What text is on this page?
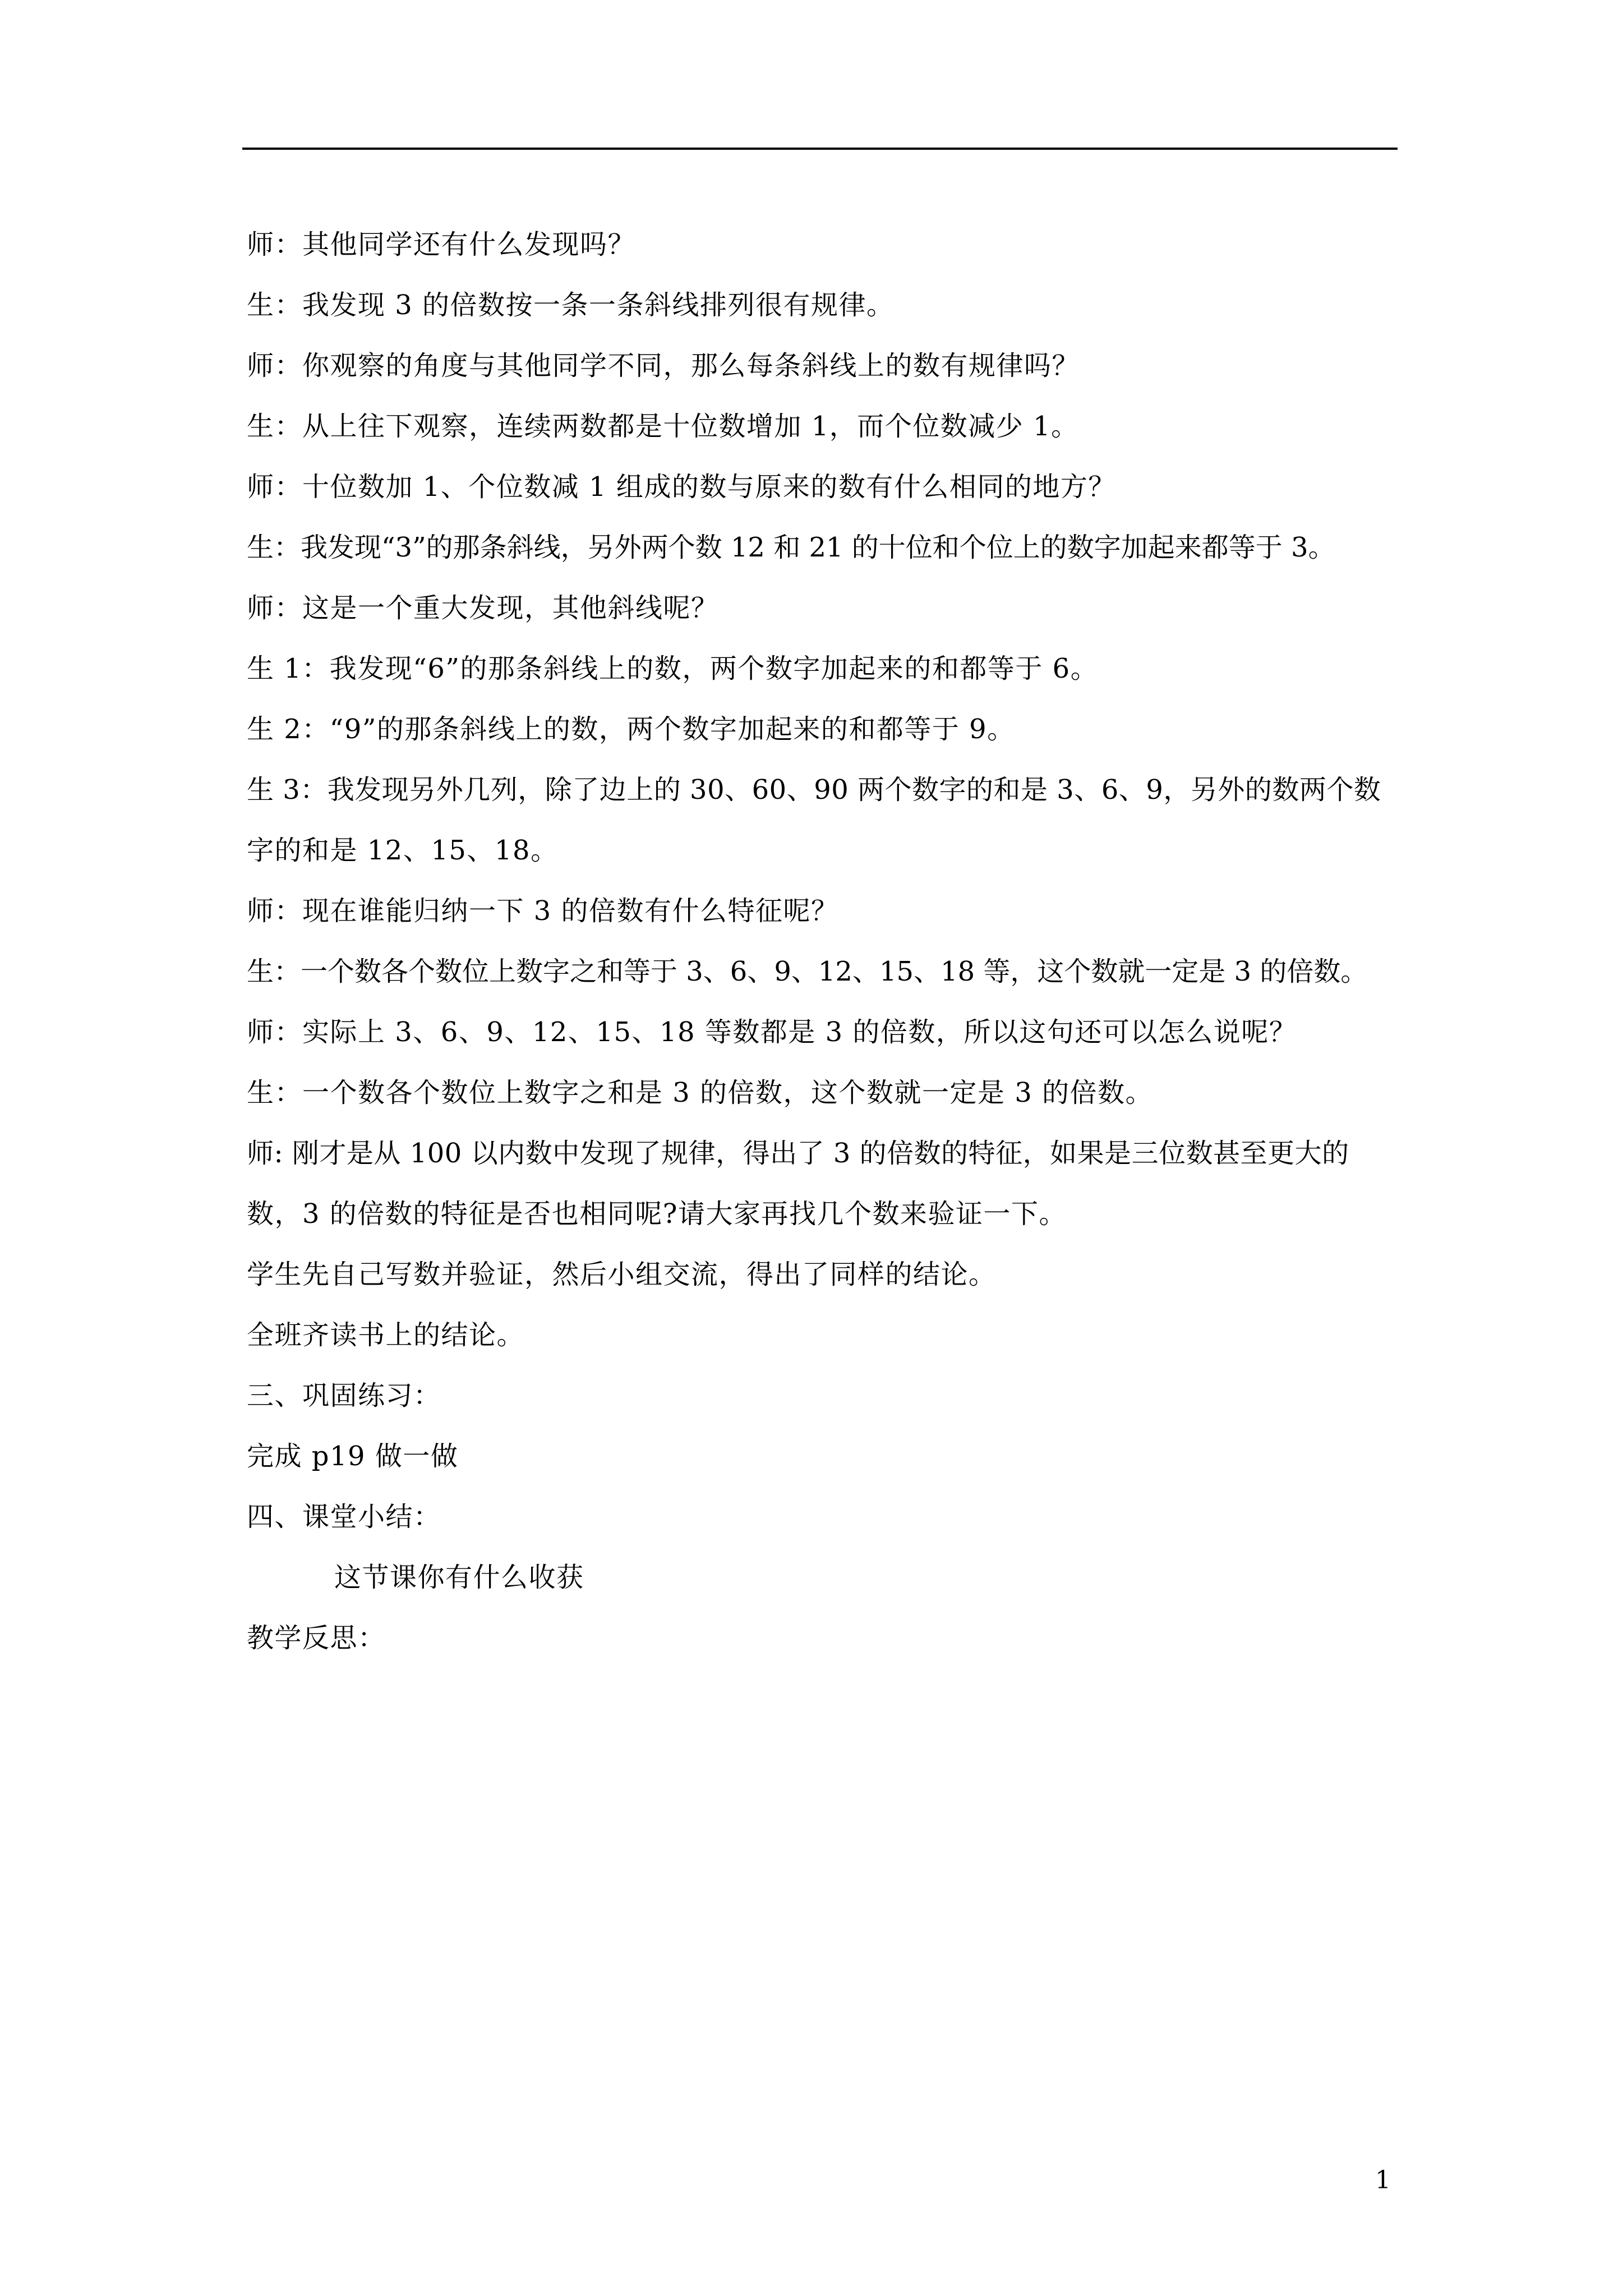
师：其他同学还有什么发现吗？
生：我发现 3 的倍数按一条一条斜线排列很有规律。
师：你观察的角度与其他同学不同，那么每条斜线上的数有规律吗？
生：从上往下观察，连续两数都是十位数增加 1，而个位数减少 1。
师：十位数加 1、个位数减 1 组成的数与原来的数有什么相同的地方？
生：我发现“3”的那条斜线，另外两个数 12 和 21 的十位和个位上的数字加起来都等于 3。
师：这是一个重大发现，其他斜线呢？
生 1：我发现“6”的那条斜线上的数，两个数字加起来的和都等于 6。
生 2：“9”的那条斜线上的数，两个数字加起来的和都等于 9。
生 3：我发现另外几列，除了边上的 30、60、90 两个数字的和是 3、6、9，另外的数两个数
字的和是 12、15、18。
师：现在谁能归纳一下 3 的倍数有什么特征呢？
生：一个数各个数位上数字之和等于 3、6、9、12、15、18 等，这个数就一定是 3 的倍数。
师：实际上 3、6、9、12、15、18 等数都是 3 的倍数，所以这句还可以怎么说呢？
生：一个数各个数位上数字之和是 3 的倍数，这个数就一定是 3 的倍数。
师: 刚才是从 100 以内数中发现了规律，得出了 3 的倍数的特征，如果是三位数甚至更大的
数，3 的倍数的特征是否也相同呢?请大家再找几个数来验证一下。
学生先自己写数并验证，然后小组交流，得出了同样的结论。
全班齐读书上的结论。
三、巩固练习：
完成 p19 做一做
四、课堂小结：
这节课你有什么收获
教学反思：
1
